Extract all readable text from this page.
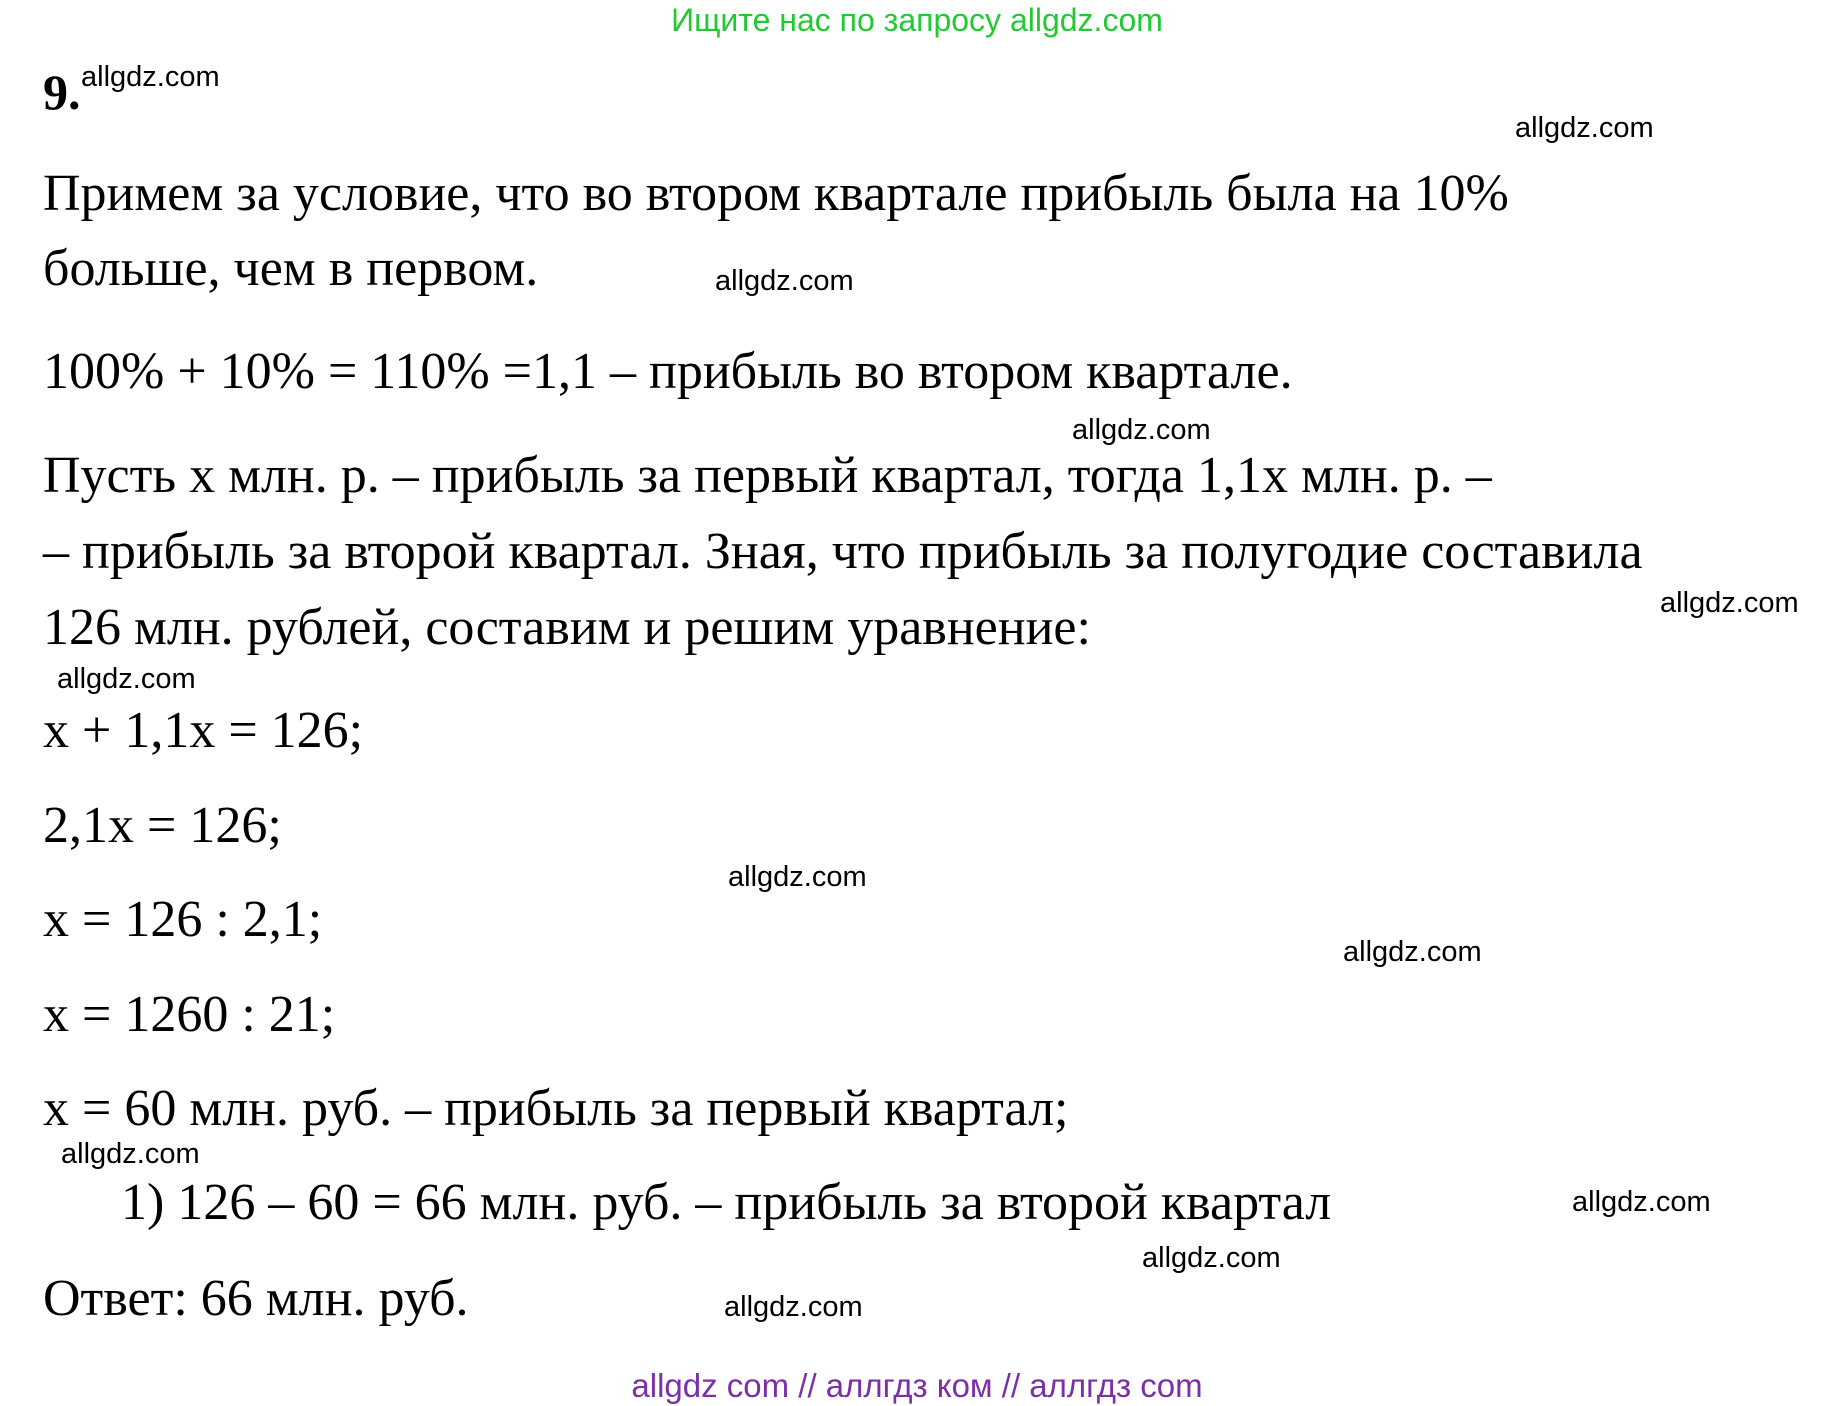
Ищите нас по запросу allgdz.com
9.
Примем за условие, что во втором квартале прибыль была на 10%
больше, чем в первом.
100% + 10% = 110% =1,1 – прибыль во втором квартале.
Пусть х млн. р. – прибыль за первый квартал, тогда 1,1х млн. р. –
– прибыль за второй квартал. Зная, что прибыль за полугодие составила
126 млн. рублей, составим и решим уравнение:
х + 1,1х = 126;
2,1х = 126;
х = 126 : 2,1;
х = 1260 : 21;
х = 60 млн. руб. – прибыль за первый квартал;
1) 126 – 60 = 66 млн. руб. – прибыль за второй квартал
Ответ: 66 млн. руб.
allgdz.com
allgdz.com
allgdz.com
allgdz.com
allgdz.com
allgdz.com
allgdz.com
allgdz.com
allgdz.com
allgdz.com
allgdz.com
allgdz.com
allgdz com // аллгдз ком // аллгдз com
